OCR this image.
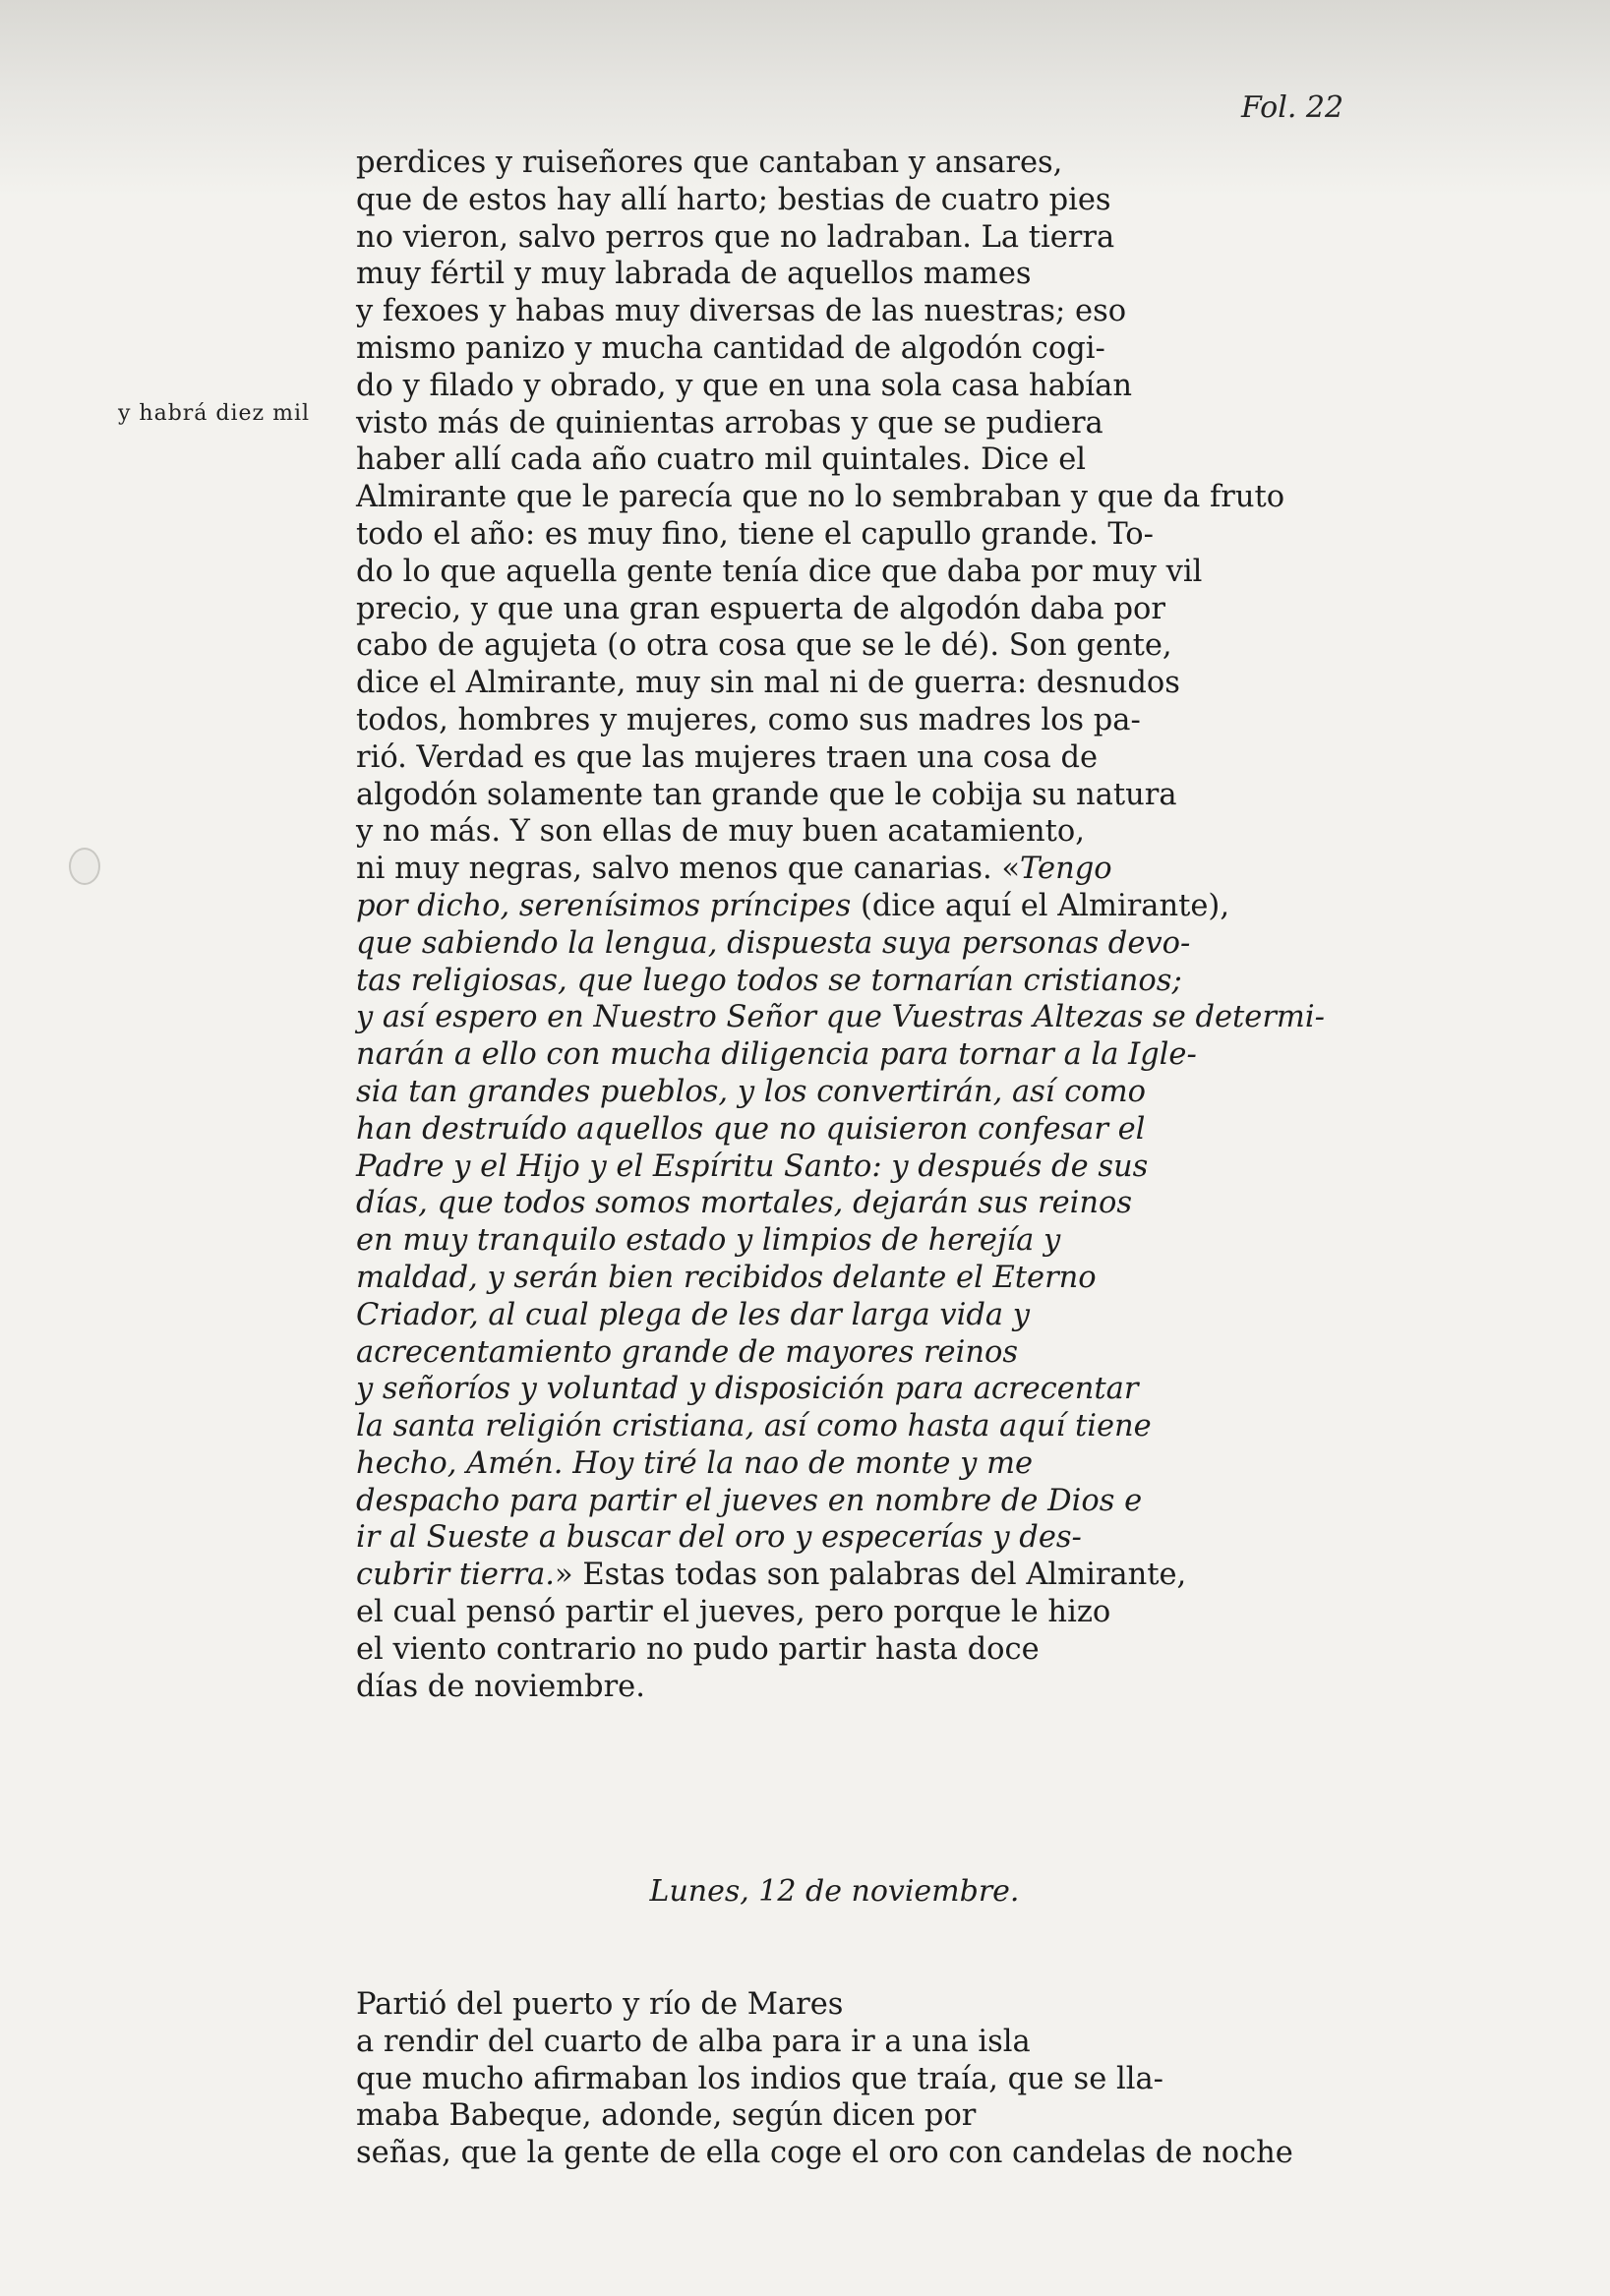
Fol. 22
y habrá diez mil
perdices y ruiseñores que cantaban y ansares,
que de estos hay allí harto; bestias de cuatro pies
no vieron, salvo perros que no ladraban. La tierra
muy fértil y muy labrada de aquellos mames
y fexoes y habas muy diversas de las nuestras; eso
mismo panizo y mucha cantidad de algodón cogi-
do y filado y obrado, y que en una sola casa habían
visto más de quinientas arrobas y que se pudiera
haber allí cada año cuatro mil quintales. Dice el
Almirante que le parecía que no lo sembraban y que da fruto
todo el año: es muy fino, tiene el capullo grande. To-
do lo que aquella gente tenía dice que daba por muy vil
precio, y que una gran espuerta de algodón daba por
cabo de agujeta (o otra cosa que se le dé). Son gente,
dice el Almirante, muy sin mal ni de guerra: desnudos
todos, hombres y mujeres, como sus madres los pa-
rió. Verdad es que las mujeres traen una cosa de
algodón solamente tan grande que le cobija su natura
y no más. Y son ellas de muy buen acatamiento,
ni muy negras, salvo menos que canarias. «Tengo
por dicho, serenísimos príncipes (dice aquí el Almirante),
que sabiendo la lengua, dispuesta suya personas devo-
tas religiosas, que luego todos se tornarían cristianos;
y así espero en Nuestro Señor que Vuestras Altezas se determi-
narán a ello con mucha diligencia para tornar a la Igle-
sia tan grandes pueblos, y los convertirán, así como
han destruído aquellos que no quisieron confesar el
Padre y el Hijo y el Espíritu Santo: y después de sus
días, que todos somos mortales, dejarán sus reinos
en muy tranquilo estado y limpios de herejía y
maldad, y serán bien recibidos delante el Eterno
Criador, al cual plega de les dar larga vida y
acrecentamiento grande de mayores reinos
y señoríos y voluntad y disposición para acrecentar
la santa religión cristiana, así como hasta aquí tiene
hecho, Amén. Hoy tiré la nao de monte y me
despacho para partir el jueves en nombre de Dios e
ir al Sueste a buscar del oro y especerías y des-
cubrir tierra.» Estas todas son palabras del Almirante,
el cual pensó partir el jueves, pero porque le hizo
el viento contrario no pudo partir hasta doce
días de noviembre.
Lunes, 12 de noviembre.
Partió del puerto y río de Mares
a rendir del cuarto de alba para ir a una isla
que mucho afirmaban los indios que traía, que se lla-
maba Babeque, adonde, según dicen por
señas, que la gente de ella coge el oro con candelas de noche
